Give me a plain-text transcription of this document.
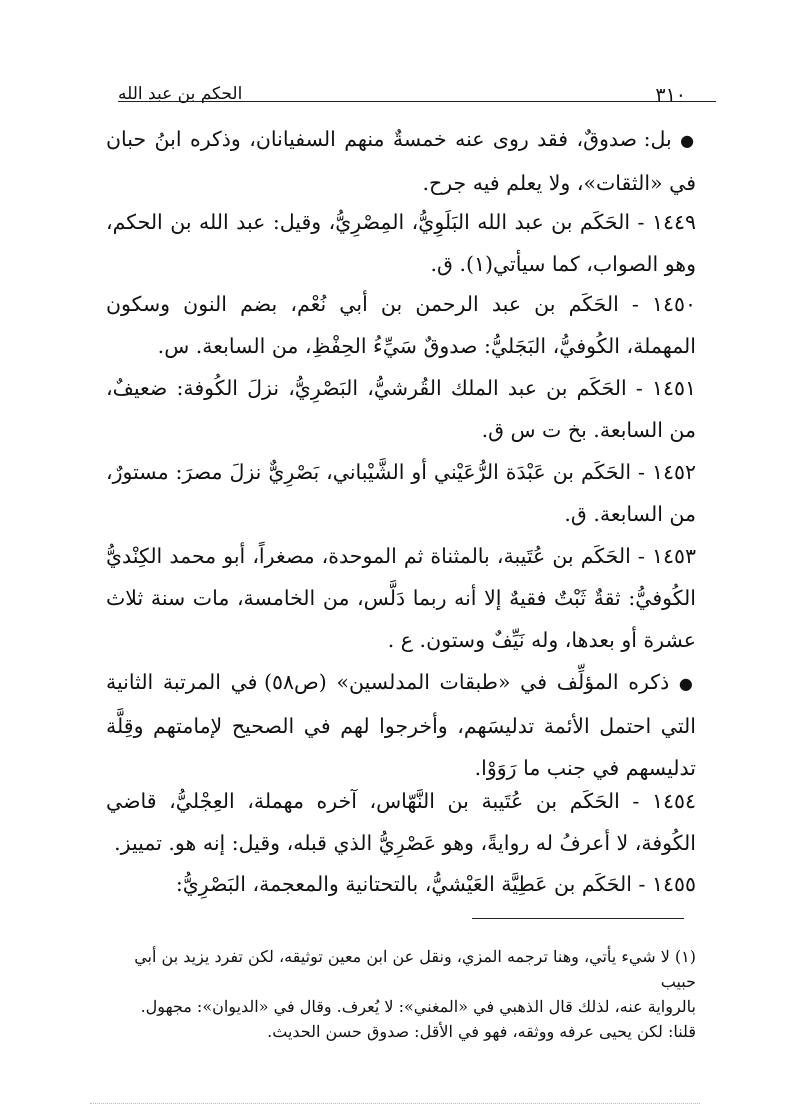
٣١٠
الحكم بن عبد الله
● بل: صدوقٌ، فقد روى عنه خمسةٌ منهم السفيانان، وذكره ابنُ حبان في «الثقات»، ولا يعلم فيه جرح.
١٤٤٩ - الحَكَم بن عبد الله البَلَوِيُّ، المِصْرِيُّ، وقيل: عبد الله بن الحكم، وهو الصواب، كما سيأتي(١). ق.
١٤٥٠ - الحَكَم بن عبد الرحمن بن أبي نُعْم، بضم النون وسكون المهملة، الكُوفيُّ، البَجَليُّ: صدوقٌ سَيِّءُ الحِفْظِ، من السابعة. س.
١٤٥١ - الحَكَم بن عبد الملك القُرشيُّ، البَصْرِيُّ، نزلَ الكُوفة: ضعيفٌ، من السابعة. بخ ت س ق.
١٤٥٢ - الحَكَم بن عَبْدَة الرُّعَيْني أو الشَّيْباني، بَصْرِيٌّ نزلَ مصرَ: مستورٌ، من السابعة. ق.
١٤٥٣ - الحَكَم بن عُتَيبة، بالمثناة ثم الموحدة، مصغراً، أبو محمد الكِنْديُّ الكُوفيُّ: ثقةٌ ثَبْتٌ فقيهٌ إلا أنه ربما دَلَّس، من الخامسة، مات سنة ثلاث عشرة أو بعدها، وله نَيِّفٌ وستون. ع .
● ذكره المؤلِّف في «طبقات المدلسين» (ص٥٨) في المرتبة الثانية التي احتمل الأئمة تدليسَهم، وأخرجوا لهم في الصحيح لإمامتهم وقِلَّة تدليسهم في جنب ما رَوَوْا.
١٤٥٤ - الحَكَم بن عُتَيبة بن النَّهّاس، آخره مهملة، العِجْليُّ، قاضي الكُوفة، لا أعرفُ له روايةً، وهو عَصْرِيُّ الذي قبله، وقيل: إنه هو. تمييز.
١٤٥٥ - الحَكَم بن عَطِيَّة العَيْشيُّ، بالتحتانية والمعجمة، البَصْرِيُّ:
(١) لا شيء يأتي، وهنا ترجمه المزي، ونقل عن ابن معين توثيقه، لكن تفرد يزيد بن أبي حبيب
بالرواية عنه، لذلك قال الذهبي في «المغني»: لا يُعرف. وقال في «الديوان»: مجهول.
قلنا: لكن يحيى عرفه ووثقه، فهو في الأقل: صدوق حسن الحديث.
